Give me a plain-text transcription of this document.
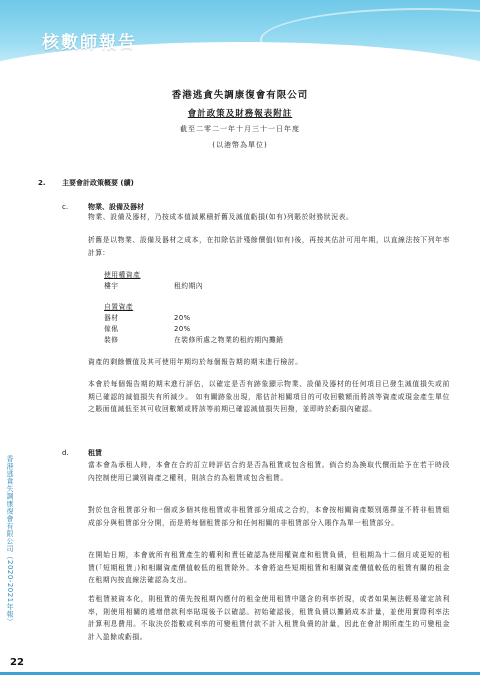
核數師報告
香港逃貪失調康復會有限公司
會計政策及財務報表附註
截至二零二一年十月三十一日年度
(以港幣為單位)
2. 主要會計政策概要 (續)
c.	物業、設備及器材
物業、設備及器材，乃按成本值減累積折舊及減值虧損(如有)列賬於財務狀況表。
折舊是以物業、設備及器材之成本，在扣除估計殘餘價值(如有)後，再按其估計可用年期，以直線法按下列年率計算:
使用權資產
樓宇	租約期內
自置資產
器材	20%
傢俬	20%
裝修	在裝修所處之物業的租約期內攤銷
資產的剩餘價值及其可使用年期均於每個報告期的期末進行檢討。
本會於每個報告期的期末進行評估，以確定是否有跡象顯示物業、設備及器材的任何項目已發生減值損失或前期已確認的減值損失有所減少。 如有關跡象出現，需估計相關項目的可收回數額而將該等資產或現金產生單位之賬面值減低至其可收回數額或將該等前期已確認減值損失回撥，並即時於虧損內確認。
d.	租賃
當本會為承租人時，本會在合約訂立時評估合約是否為租賃或包含租賃。倘合約為換取代價而給予在若干時段內控制使用已識別資產之權利，則該合約為租賃或包含租賃。
對於包含租賃部分和一個或多個其他租賃或非租賃部分組成之合約，本會按相關資產類別選擇並不將非租賃組成部分與租賃部分分開，而是將每個租賃部分和任何相關的非租賃部分入賬作為單一租賃部分。
在開始日期，本會就所有租賃產生的權利和責任確認為使用權資產和租賃負債，但租期為十二個月或更短的租賃(「短期租賃」)和相關資產價值較低的租賃除外。本會將這些短期租賃和相關資產價值較低的租賃有關的租金在租期內按直線法確認為支出。
若租賃被資本化，則租賃的債先按租期內應付的租金使用租賃中隱含的利率折現，或者如果無法輕易確定該利率，則使用相關的遞增借款利率貼現後予以確認。初始確認後，租賃負債以攤銷成本計量，並使用實際利率法計算利息費用。不取決於指數或利率的可變租賃付款不計入租賃負債的計量，因此在會計期所產生的可變租金計入盈餘或虧損。
香港逃貪失調康復會有限公司（2020-2021年報）
22
